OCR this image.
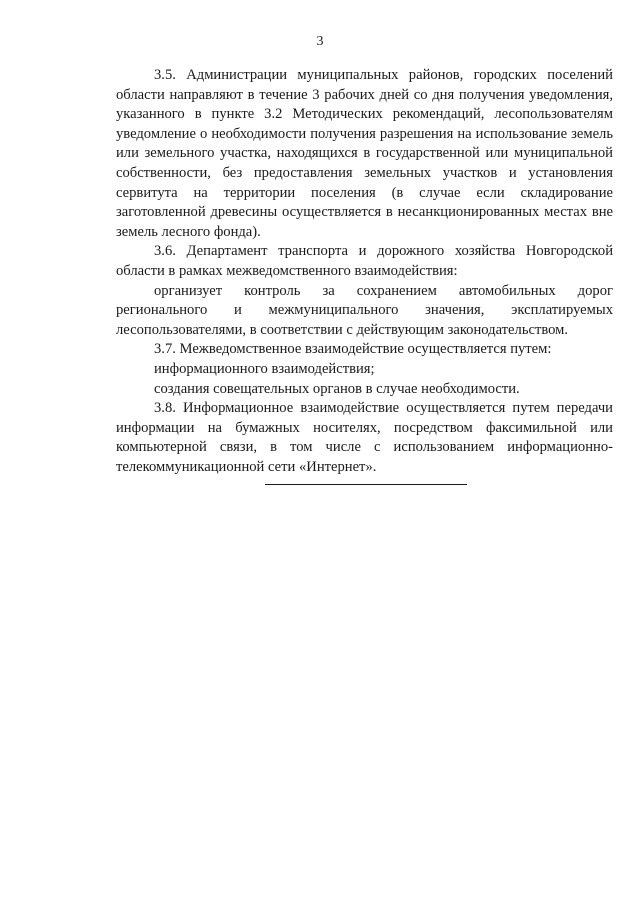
3

3.5. Администрации муниципальных районов, городских поселений области направляют в течение 3 рабочих дней со дня получения уведомления, указанного в пункте 3.2 Методических рекомендаций, лесопользователям уведомление о необходимости получения разрешения на использование земель или земельного участка, находящихся в государственной или муниципальной собственности, без предоставления земельных участков и установления сервитута на территории поселения (в случае если складирование заготовленной древесины осуществляется в несанкционированных местах вне земель лесного фонда).

3.6. Департамент транспорта и дорожного хозяйства Новгородской области в рамках межведомственного взаимодействия:

организует контроль за сохранением автомобильных дорог регионального и межмуниципального значения, эксплатируемых лесопользователями, в соответствии с действующим законодательством.

3.7. Межведомственное взаимодействие осуществляется путем:

информационного взаимодействия;

создания совещательных органов в случае необходимости.

3.8. Информационное взаимодействие осуществляется путем передачи информации на бумажных носителях, посредством факсимильной или компьютерной связи, в том числе с использованием информационно-телекоммуникационной сети «Интернет».
